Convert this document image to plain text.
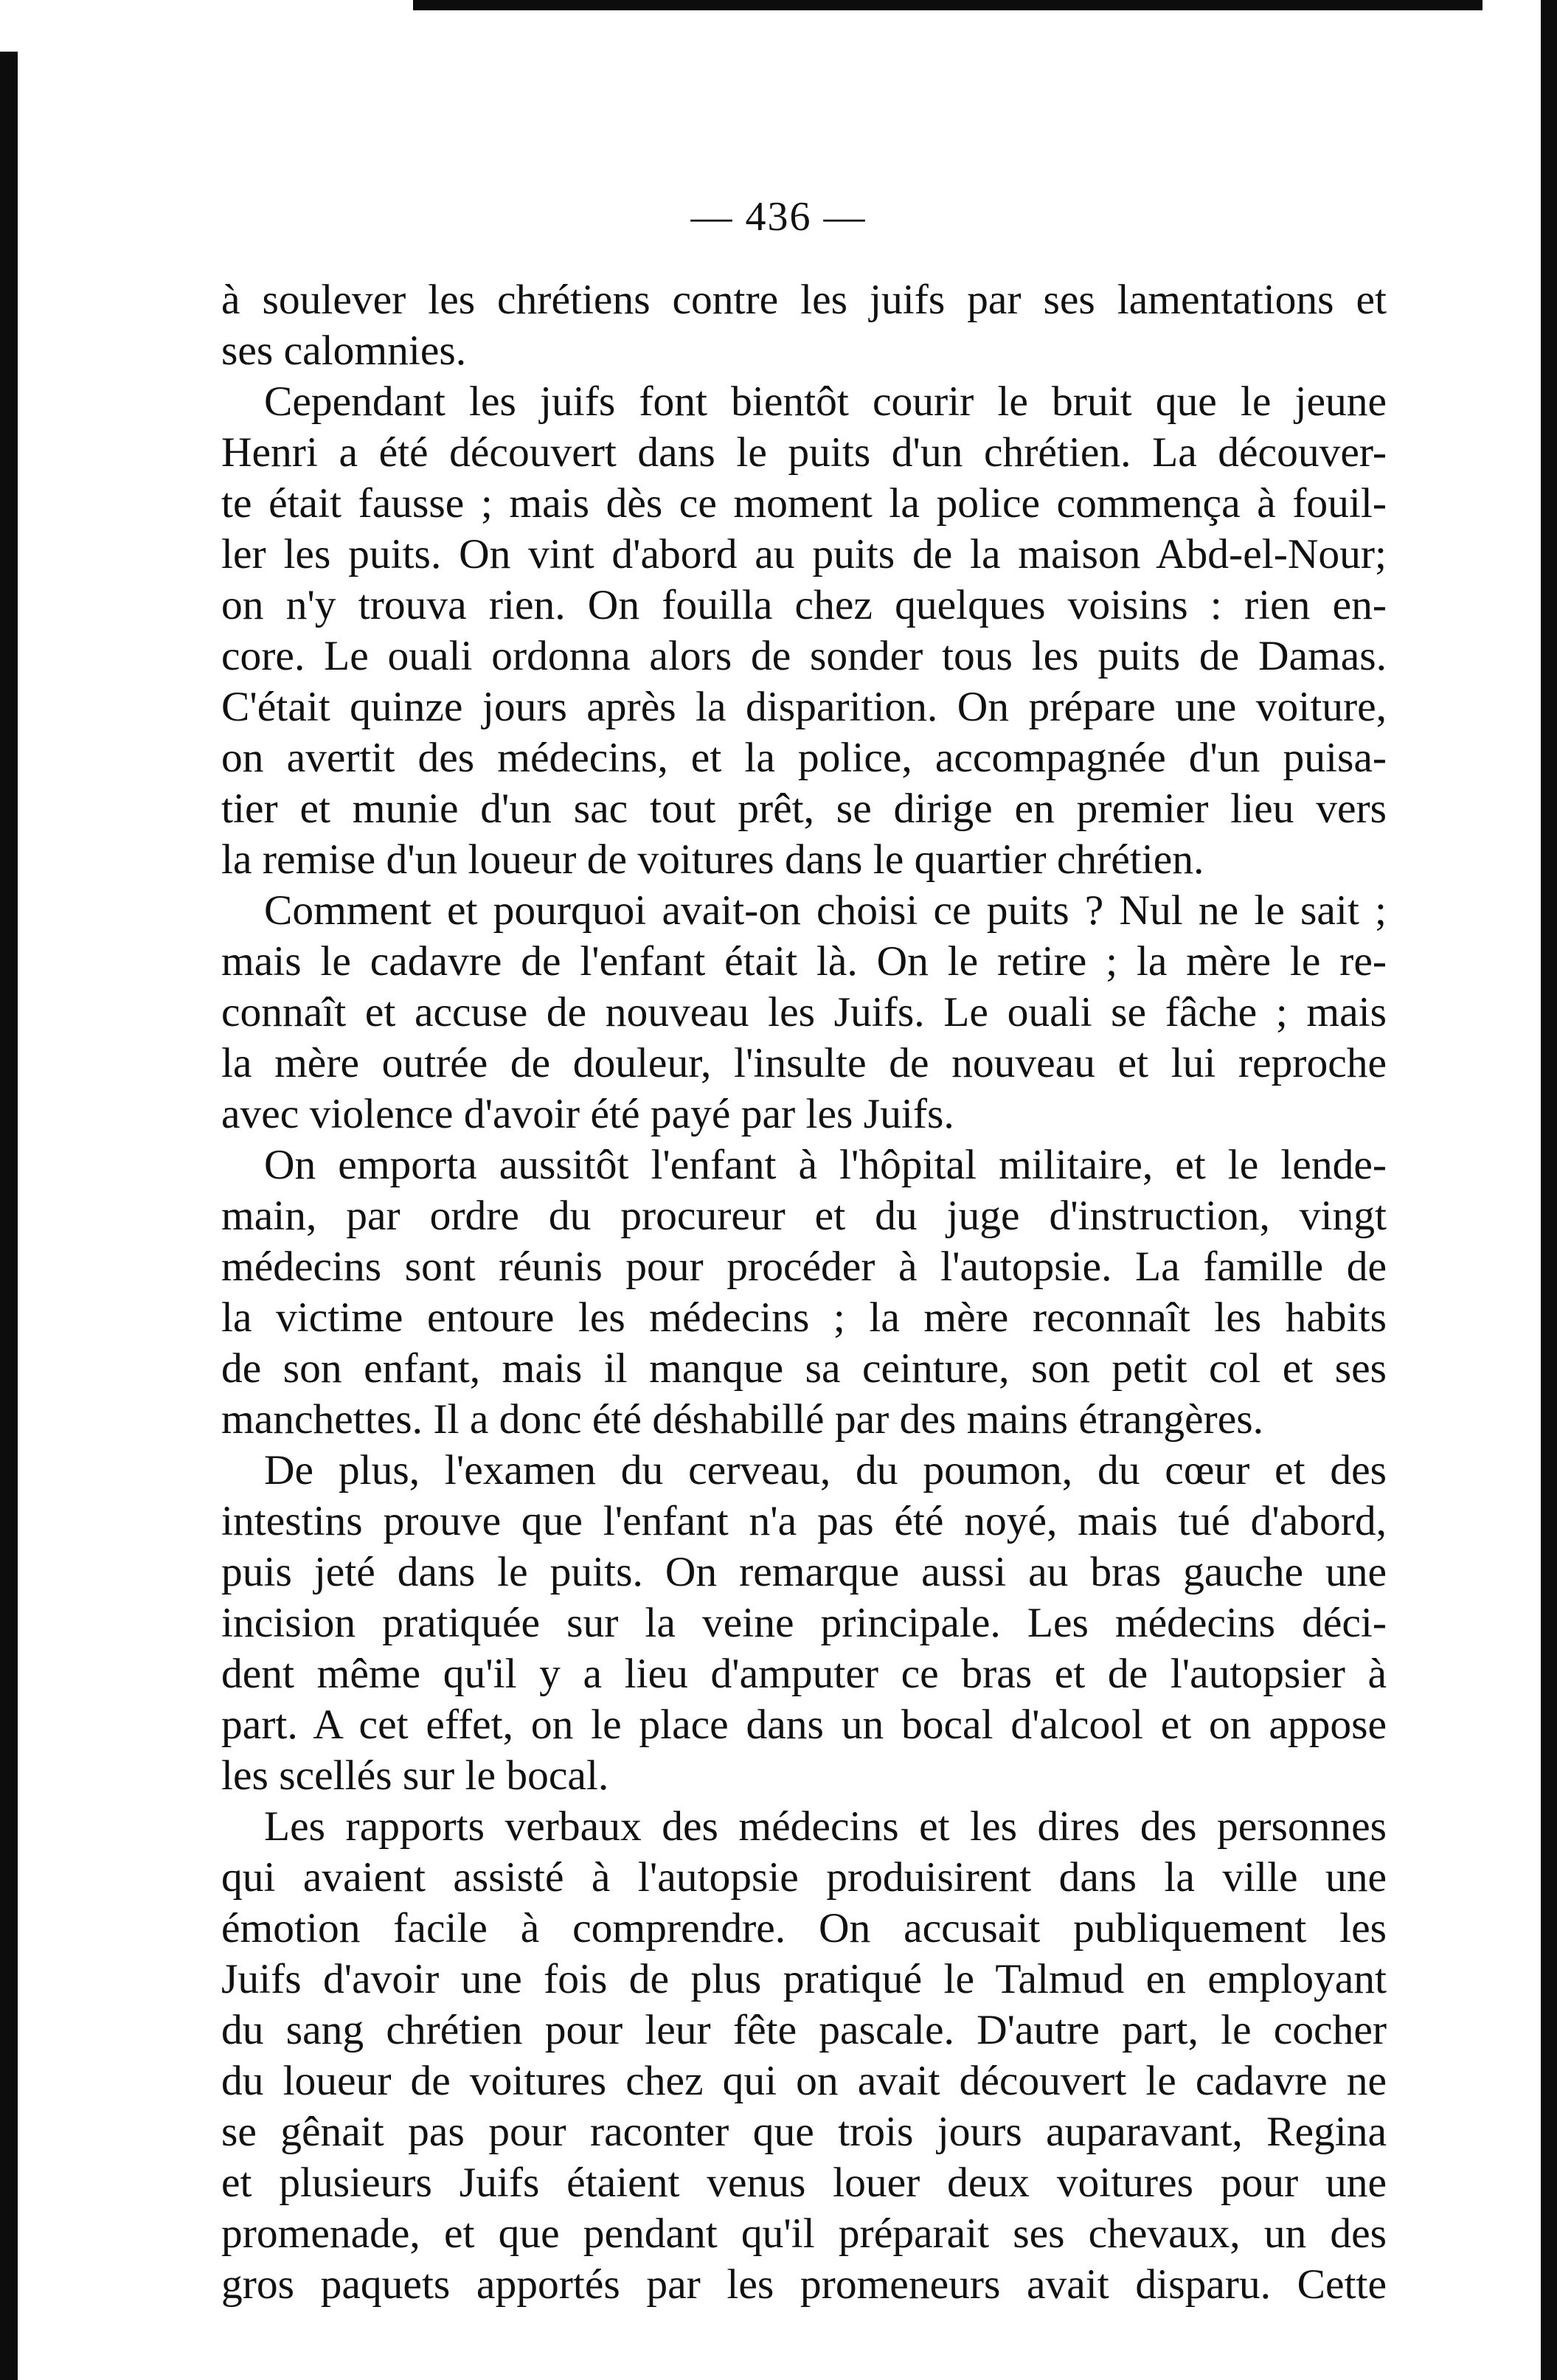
— 436 —

à soulever les chrétiens contre les juifs par ses lamentations et
ses calomnies.

Cependant les juifs font bientôt courir le bruit que le jeune
Henri a été découvert dans le puits d'un chrétien. La découver-
te était fausse ; mais dès ce moment la police commença à fouil-
ler les puits. On vint d'abord au puits de la maison Abd-el-Nour;
on n'y trouva rien. On fouilla chez quelques voisins : rien en-
core. Le ouali ordonna alors de sonder tous les puits de Damas.
C'était quinze jours après la disparition. On prépare une voiture,
on avertit des médecins, et la police, accompagnée d'un puisa-
tier et munie d'un sac tout prêt, se dirige en premier lieu vers
la remise d'un loueur de voitures dans le quartier chrétien.

Comment et pourquoi avait-on choisi ce puits ? Nul ne le sait ;
mais le cadavre de l'enfant était là. On le retire ; la mère le re-
connaît et accuse de nouveau les Juifs. Le ouali se fâche ; mais
la mère outrée de douleur, l'insulte de nouveau et lui reproche
avec violence d'avoir été payé par les Juifs.

On emporta aussitôt l'enfant à l'hôpital militaire, et le lende-
main, par ordre du procureur et du juge d'instruction, vingt
médecins sont réunis pour procéder à l'autopsie. La famille de
la victime entoure les médecins ; la mère reconnaît les habits
de son enfant, mais il manque sa ceinture, son petit col et ses
manchettes. Il a donc été déshabillé par des mains étrangères.

De plus, l'examen du cerveau, du poumon, du cœur et des
intestins prouve que l'enfant n'a pas été noyé, mais tué d'abord,
puis jeté dans le puits. On remarque aussi au bras gauche une
incision pratiquée sur la veine principale. Les médecins déci-
dent même qu'il y a lieu d'amputer ce bras et de l'autopsier à
part. A cet effet, on le place dans un bocal d'alcool et on appose
les scellés sur le bocal.

Les rapports verbaux des médecins et les dires des personnes
qui avaient assisté à l'autopsie produisirent dans la ville une
émotion facile à comprendre. On accusait publiquement les
Juifs d'avoir une fois de plus pratiqué le Talmud en employant
du sang chrétien pour leur fête pascale. D'autre part, le cocher
du loueur de voitures chez qui on avait découvert le cadavre ne
se gênait pas pour raconter que trois jours auparavant, Regina
et plusieurs Juifs étaient venus louer deux voitures pour une
promenade, et que pendant qu'il préparait ses chevaux, un des
gros paquets apportés par les promeneurs avait disparu. Cette
